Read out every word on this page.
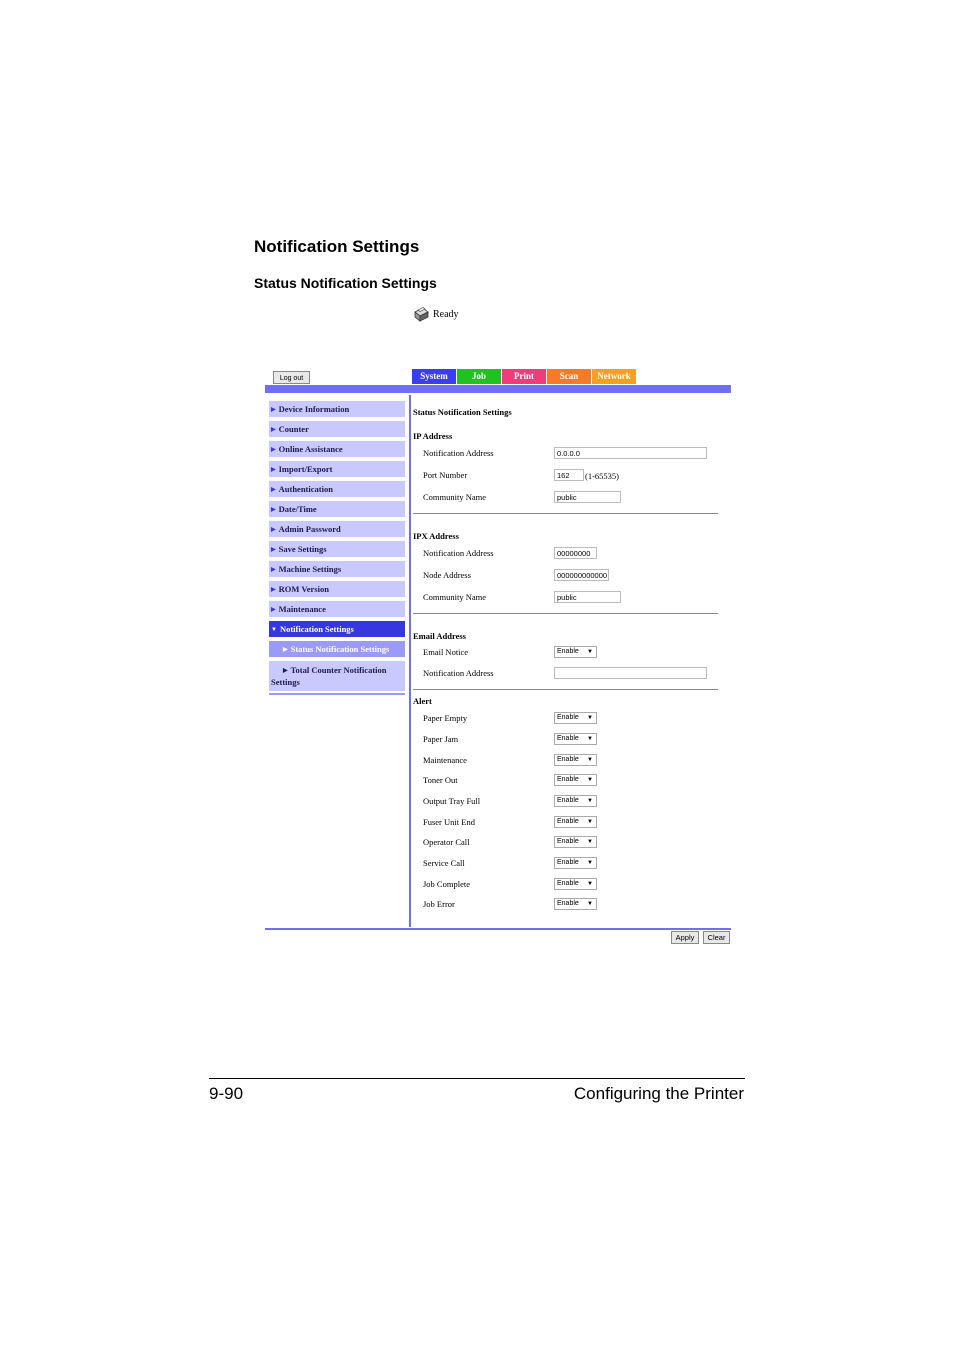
Notification Settings
Status Notification Settings
Ready
Log out	System	Job	Print	Scan	Network
▶ Device Information
▶ Counter
▶ Online Assistance
▶ Import/Export
▶ Authentication
▶ Date/Time
▶ Admin Password
▶ Save Settings
▶ Machine Settings
▶ ROM Version
▶ Maintenance
▼ Notification Settings
▶ Status Notification Settings
▶ Total Counter Notification Settings
Status Notification Settings
IP Address
Notification Address	0.0.0.0
Port Number	162	(1-65535)
Community Name	public
IPX Address
Notification Address	00000000
Node Address	000000000000
Community Name	public
Email Address
Email Notice	Enable ▼
Notification Address
Alert
Paper Empty	Enable ▼
Paper Jam	Enable ▼
Maintenance	Enable ▼
Toner Out	Enable ▼
Output Tray Full	Enable ▼
Fuser Unit End	Enable ▼
Operator Call	Enable ▼
Service Call	Enable ▼
Job Complete	Enable ▼
Job Error	Enable ▼
Apply	Clear
9-90	Configuring the Printer
